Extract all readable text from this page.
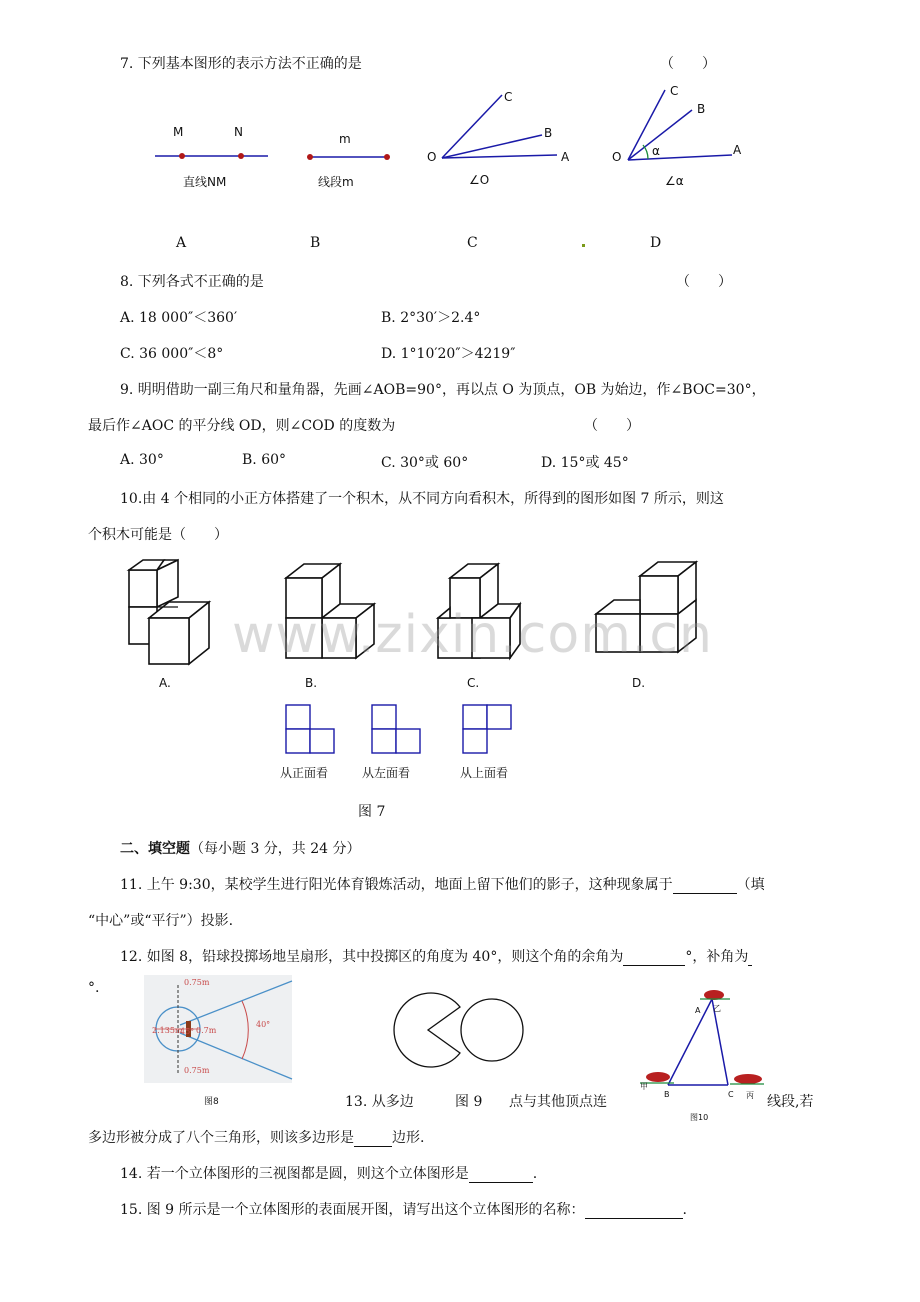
7. 下列基本图形的表示方法不正确的是	（　　）
M	N
直线NM
m
线段m
O
C
B
A
∠O
O
C
B
A
α
∠α
A	B	C	D
8. 下列各式不正确的是	（　　）
A. 18 000″＜360′	B. 2°30′＞2.4°
C. 36 000″＜8°	D. 1°10′20″＞4219″
9. 明明借助一副三角尺和量角器，先画∠AOB=90°，再以点 O 为顶点，OB 为始边，作∠BOC=30°，
最后作∠AOC 的平分线 OD，则∠COD 的度数为	（　　）
A. 30°	B. 60°	C. 30°或 60°	D. 15°或 45°
10.由 4 个相同的小正方体搭建了一个积木，从不同方向看积木，所得到的图形如图 7 所示，则这
个积木可能是（　　）
A.	B.	C.	D.
www.zixin.com.cn
从正面看	从左面看	从上面看
图 7
二、填空题（每小题 3 分，共 24 分）
11. 上午 9:30，某校学生进行阳光体育锻炼活动，地面上留下他们的影子，这种现象属于	（填
“中心”或“平行”）投影.
12. 如图 8，铅球投掷场地呈扇形，其中投掷区的角度为 40°，则这个角的余角为	°，补角为
°.
40°
0.75m
0.7m
0.75m
2.135m
45°
图8
A
B	C
乙
甲
丙
图10
13. 从多边	图 9 点与其他顶点连	线段,若
多边形被分成了八个三角形，则该多边形是	边形.
14. 若一个立体图形的三视图都是圆，则这个立体图形是	.
15. 图 9 所示是一个立体图形的表面展开图，请写出这个立体图形的名称：	.
